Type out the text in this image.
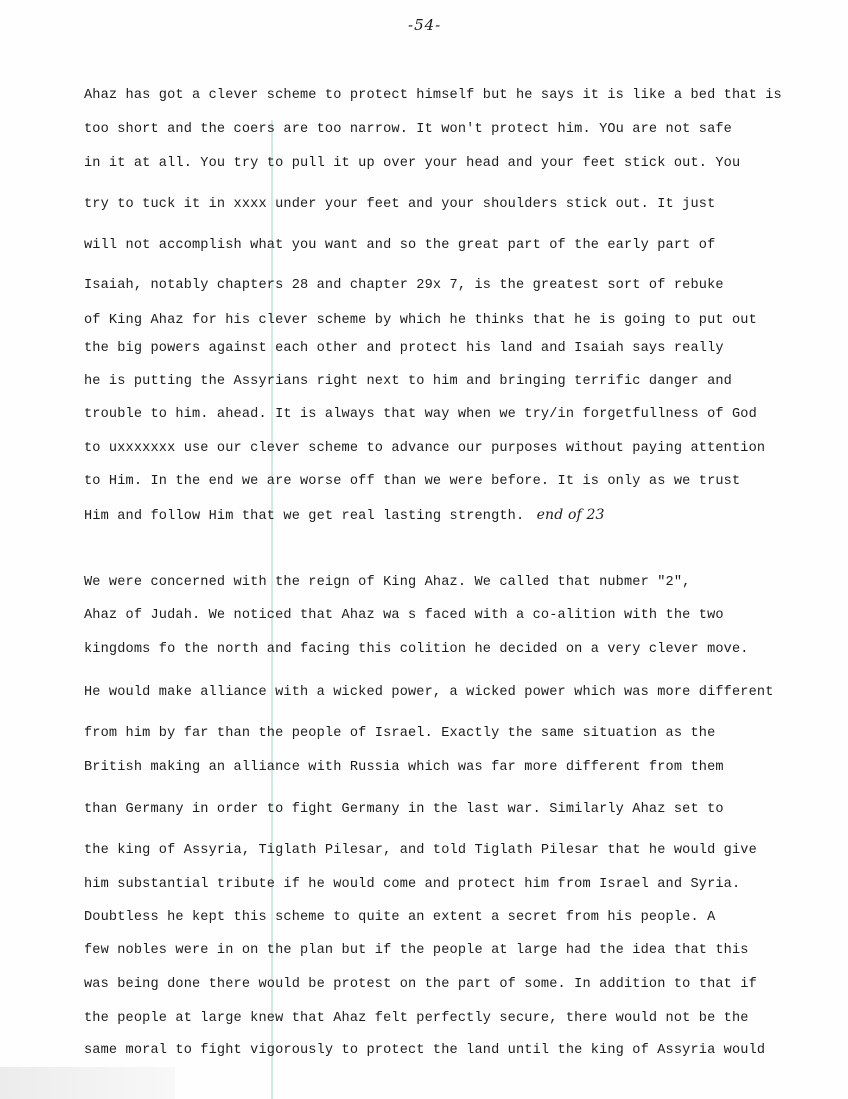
-54-
Ahaz has got a clever scheme to protect himself but he says it is like a bed that is
too short and the coers are too narrow. It won't protect him. YOu are not safe
in it at all. You try to pull it up over your head and your feet stick out. You
try to tuck it in xxxx under your feet and your shoulders stick out. It just
will not accomplish what you want and so the great part of the early part of
Isaiah, notably chapters 28 and chapter 29x 7, is the greatest sort of rebuke
of King Ahaz for his clever scheme by which he thinks that he is going to put out
the big powers against each other and protect his land and Isaiah says really
he is putting the Assyrians right next to him and bringing terrific danger and
trouble to him. ahead. It is always that way when we try/in forgetfullness of God
to uxxxxxxx use our clever scheme to advance our purposes without paying attention
to Him. In the end we are worse off than we were before. It is only as we trust
Him and follow Him that we get real lasting strength. end of 23
We were concerned with the reign of King Ahaz. We called that nubmer "2",
Ahaz of Judah. We noticed that Ahaz wa s faced with a co-alition with the two
kingdoms fo the north and facing this colition he decided on a very clever move.
He would make alliance with a wicked power, a wicked power which was more different
from him by far than the people of Israel. Exactly the same situation as the
British making an alliance with Russia which was far more different from them
than Germany in order to fight Germany in the last war. Similarly Ahaz set to
the king of Assyria, Tiglath Pilesar, and told Tiglath Pilesar that he would give
him substantial tribute if he would come and protect him from Israel and Syria.
Doubtless he kept this scheme to quite an extent a secret from his people. A
few nobles were in on the plan but if the people at large had the idea that this
was being done there would be protest on the part of some. In addition to that if
the people at large knew that Ahaz felt perfectly secure, there would not be the
same moral to fight vigorously to protect the land until the king of Assyria would
